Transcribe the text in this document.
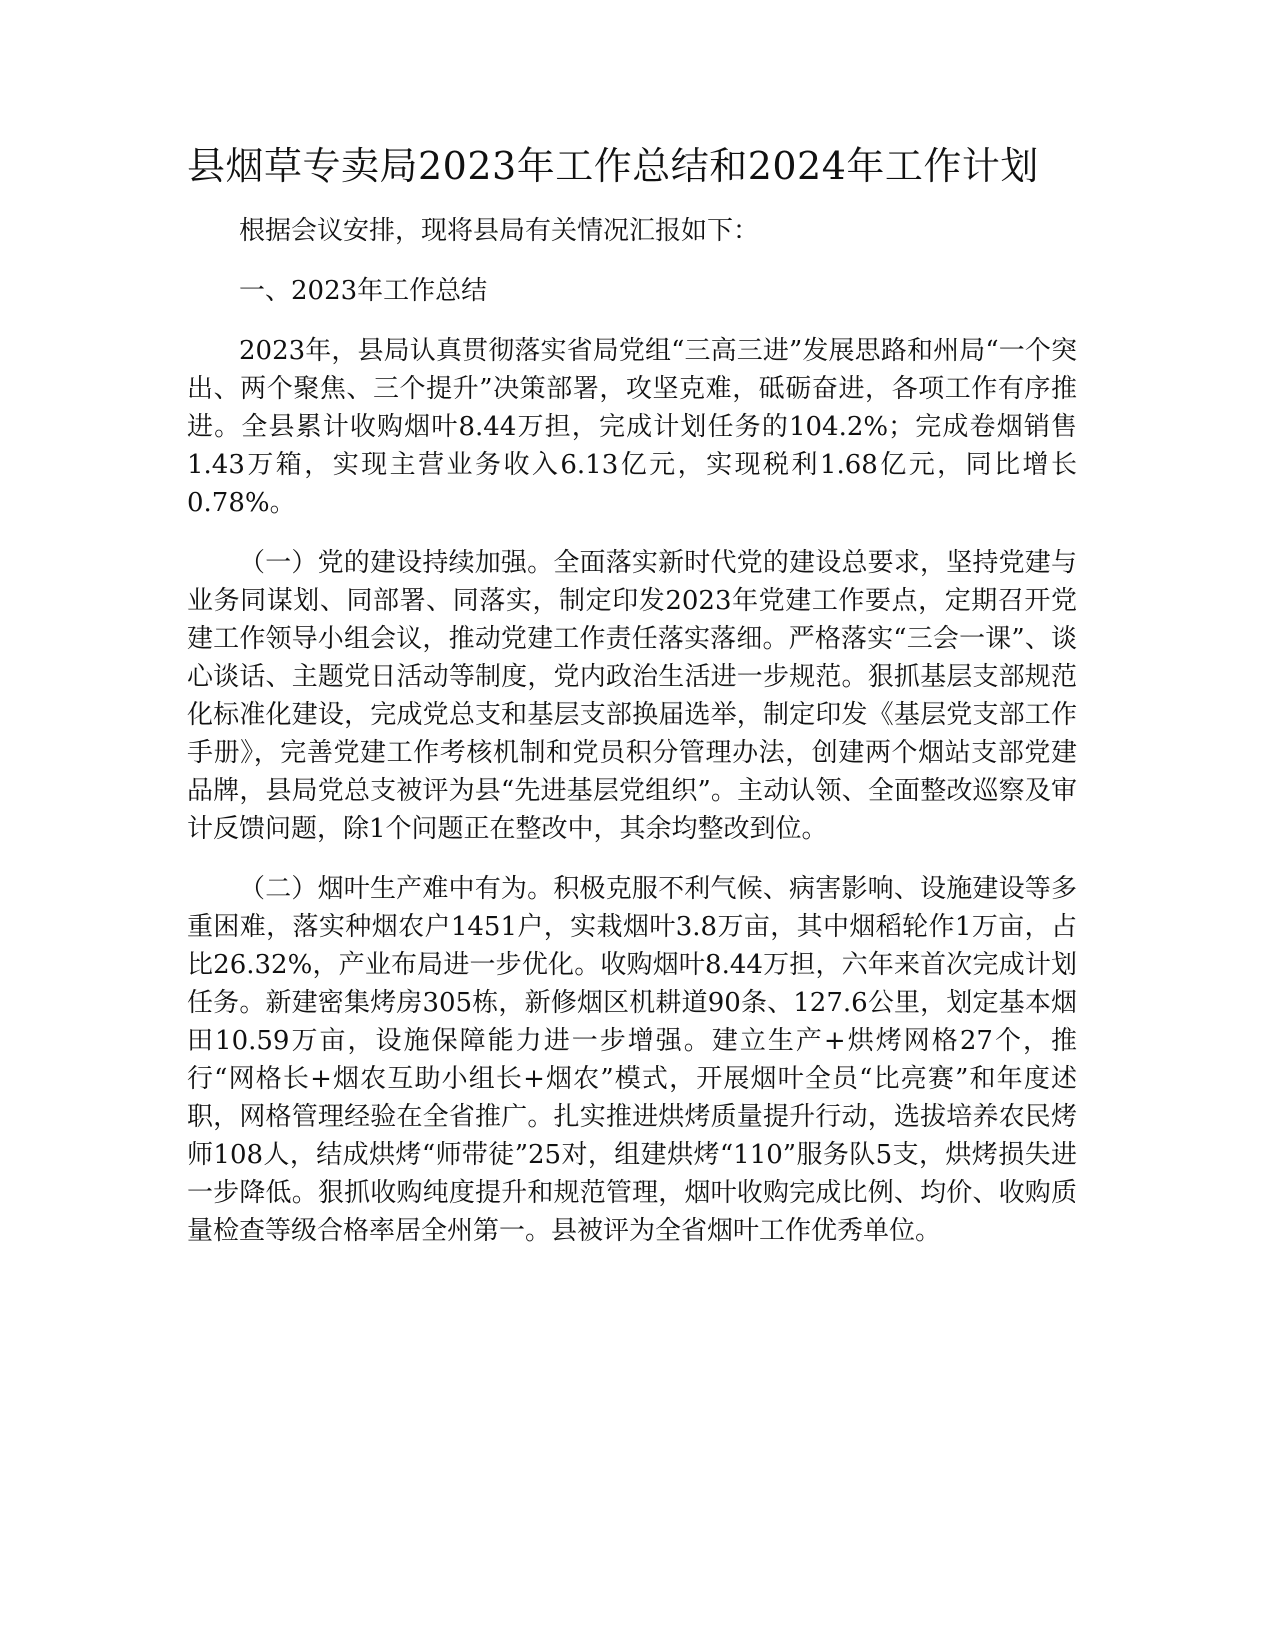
县烟草专卖局2023年工作总结和2024年工作计划

根据会议安排，现将县局有关情况汇报如下：

一、2023年工作总结

2023年，县局认真贯彻落实省局党组“三高三进”发展思路和州局“一个突出、两个聚焦、三个提升”决策部署，攻坚克难，砥砺奋进，各项工作有序推进。全县累计收购烟叶8.44万担，完成计划任务的104.2%；完成卷烟销售1.43万箱，实现主营业务收入6.13亿元，实现税利1.68亿元，同比增长0.78%。

（一）党的建设持续加强。全面落实新时代党的建设总要求，坚持党建与业务同谋划、同部署、同落实，制定印发2023年党建工作要点，定期召开党建工作领导小组会议，推动党建工作责任落实落细。严格落实“三会一课”、谈心谈话、主题党日活动等制度，党内政治生活进一步规范。狠抓基层支部规范化标准化建设，完成党总支和基层支部换届选举，制定印发《基层党支部工作手册》，完善党建工作考核机制和党员积分管理办法，创建两个烟站支部党建品牌，县局党总支被评为县“先进基层党组织”。主动认领、全面整改巡察及审计反馈问题，除1个问题正在整改中，其余均整改到位。

（二）烟叶生产难中有为。积极克服不利气候、病害影响、设施建设等多重困难，落实种烟农户1451户，实栽烟叶3.8万亩，其中烟稻轮作1万亩，占比26.32%，产业布局进一步优化。收购烟叶8.44万担，六年来首次完成计划任务。新建密集烤房305栋，新修烟区机耕道90条、127.6公里，划定基本烟田10.59万亩，设施保障能力进一步增强。建立生产+烘烤网格27个，推行“网格长+烟农互助小组长+烟农”模式，开展烟叶全员“比亮赛”和年度述职，网格管理经验在全省推广。扎实推进烘烤质量提升行动，选拔培养农民烤师108人，结成烘烤“师带徒”25对，组建烘烤“110”服务队5支，烘烤损失进一步降低。狠抓收购纯度提升和规范管理，烟叶收购完成比例、均价、收购质量检查等级合格率居全州第一。县被评为全省烟叶工作优秀单位。
